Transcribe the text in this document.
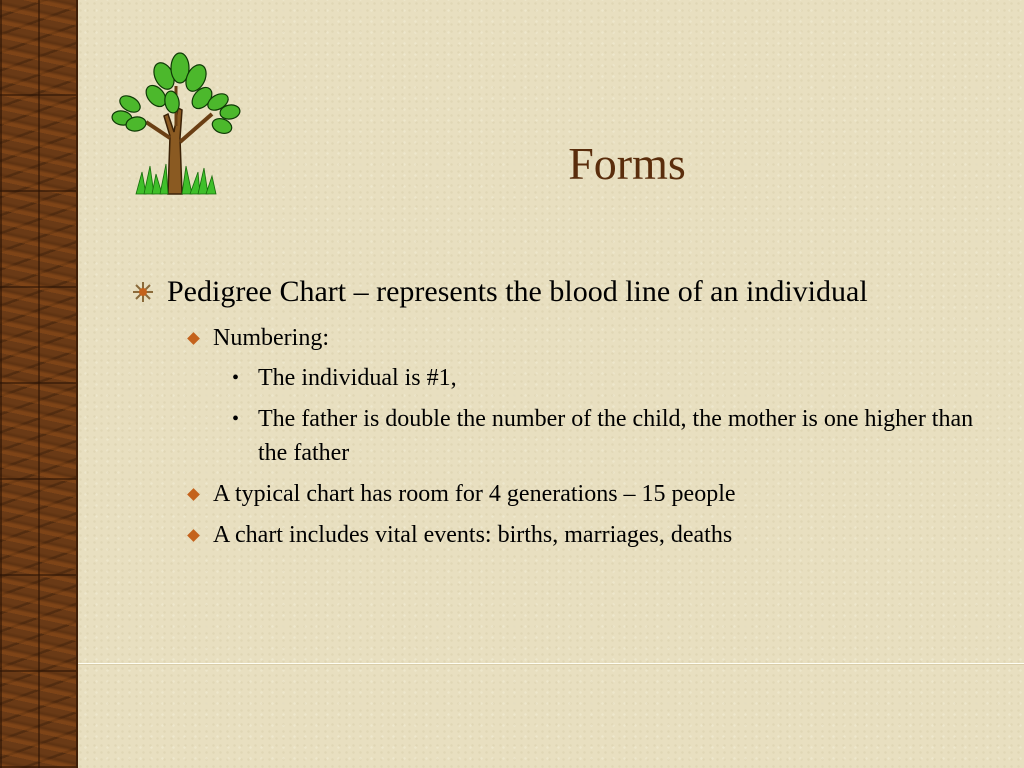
Forms
Pedigree Chart – represents the blood line of an individual
Numbering:
• The individual is #1,
• The father is double the number of the child, the mother is one higher than the father
A typical chart has room for 4 generations – 15 people
A chart includes vital events: births, marriages, deaths
